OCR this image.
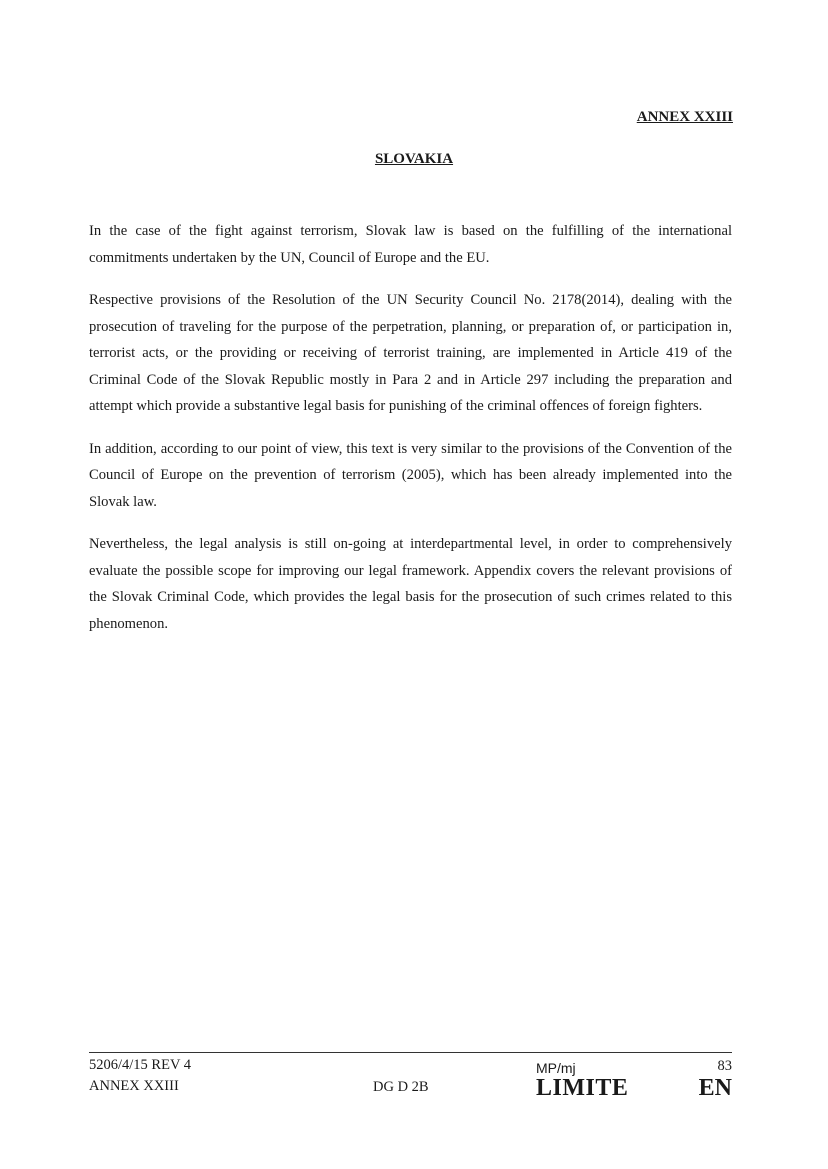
ANNEX XXIII
SLOVAKIA

In the case of the fight against terrorism, Slovak law is based on the fulfilling of the international commitments undertaken by the UN, Council of Europe and the EU.

Respective provisions of the Resolution of the UN Security Council No. 2178(2014), dealing with the prosecution of traveling for the purpose of the perpetration, planning, or preparation of, or participation in, terrorist acts, or the providing or receiving of terrorist training, are implemented in Article 419 of the Criminal Code of the Slovak Republic mostly in Para 2 and in Article 297 including the preparation and attempt which provide a substantive legal basis for punishing of the criminal offences of foreign fighters.

In addition, according to our point of view, this text is very similar to the provisions of the Convention of the Council of Europe on the prevention of terrorism (2005), which has been already implemented into the Slovak law.

Nevertheless, the legal analysis is still on-going at interdepartmental level, in order to comprehensively evaluate the possible scope for improving our legal framework. Appendix covers the relevant provisions of the Slovak Criminal Code, which provides the legal basis for the prosecution of such crimes related to this phenomenon.

5206/4/15 REV 4
ANNEX XXIII	DG D 2B
MP/mj	83
LIMITE	EN
